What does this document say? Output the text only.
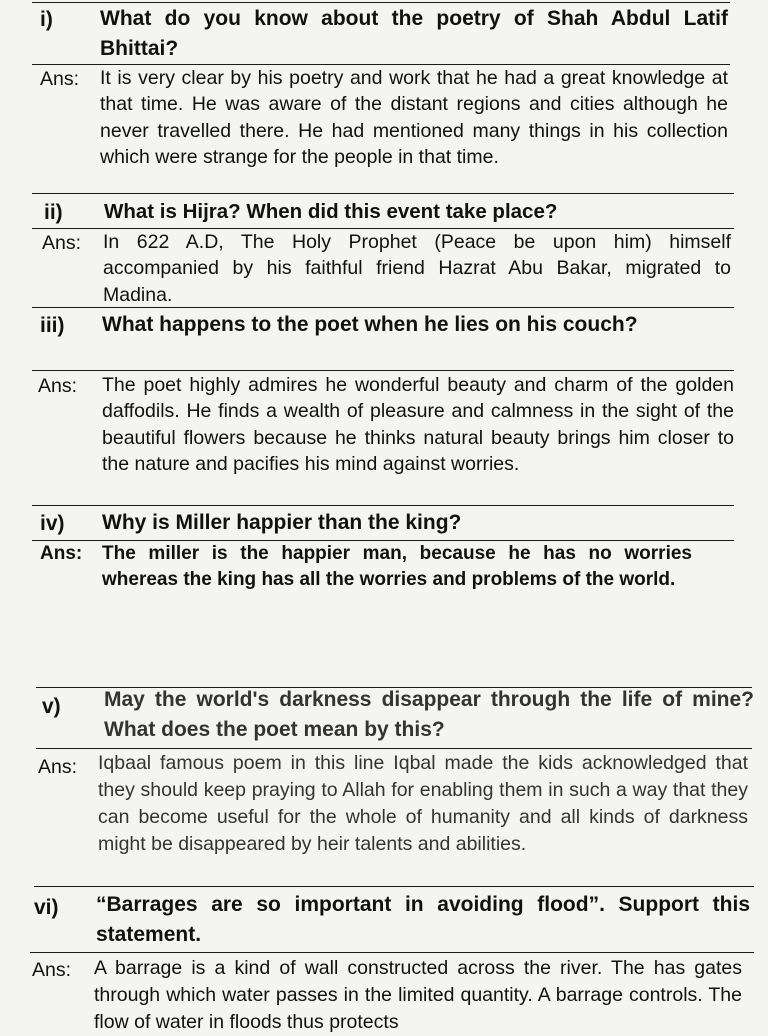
i) What do you know about the poetry of Shah Abdul Latif Bhittai?
Ans: It is very clear by his poetry and work that he had a great knowledge at that time. He was aware of the distant regions and cities although he never travelled there. He had mentioned many things in his collection which were strange for the people in that time.
ii) What is Hijra? When did this event take place?
Ans: In 622 A.D, The Holy Prophet (Peace be upon him) himself accompanied by his faithful friend Hazrat Abu Bakar, migrated to Madina.
iii) What happens to the poet when he lies on his couch?
Ans: The poet highly admires he wonderful beauty and charm of the golden daffodils. He finds a wealth of pleasure and calmness in the sight of the beautiful flowers because he thinks natural beauty brings him closer to the nature and pacifies his mind against worries.
iv) Why is Miller happier than the king?
Ans: The miller is the happier man, because he has no worries whereas the king has all the worries and problems of the world.
v) May the world's darkness disappear through the life of mine? What does the poet mean by this?
Ans: Iqbaal famous poem in this line Iqbal made the kids acknowledged that they should keep praying to Allah for enabling them in such a way that they can become useful for the whole of humanity and all kinds of darkness might be disappeared by heir talents and abilities.
vi) “Barrages are so important in avoiding flood”. Support this statement.
Ans: A barrage is a kind of wall constructed across the river. The has gates through which water passes in the limited quantity. A barrage controls. The flow of water in floods thus protects
